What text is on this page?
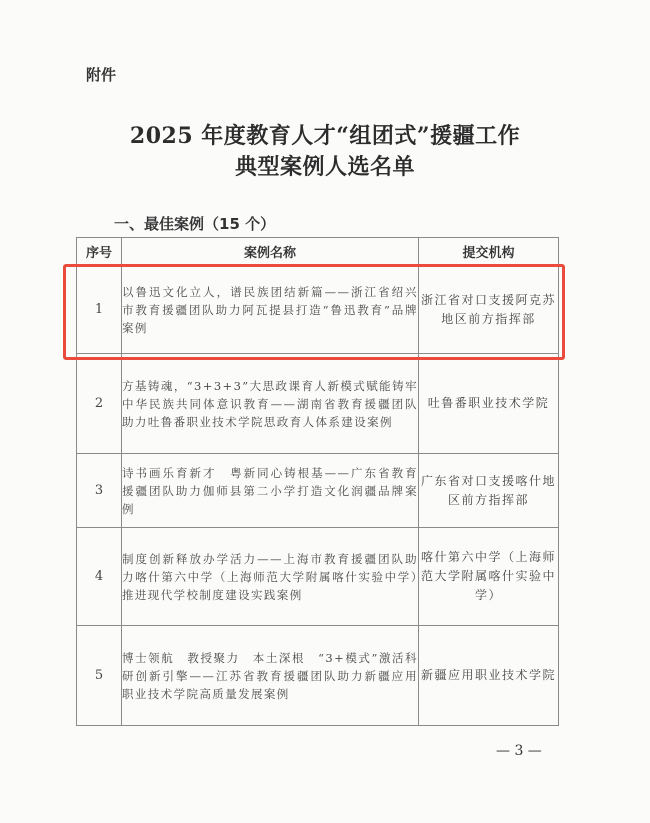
附件
2025 年度教育人才“组团式”援疆工作
典型案例人选名单
一、最佳案例（15 个）
序号	案例名称	提交机构
1	以鲁迅文化立人，谱民族团结新篇——浙江省绍兴市教育援疆团队助力阿瓦提县打造“鲁迅教育”品牌案例	浙江省对口支援阿克苏地区前方指挥部
2	方基铸魂，“3+3+3”大思政课育人新模式赋能铸牢中华民族共同体意识教育——湖南省教育援疆团队助力吐鲁番职业技术学院思政育人体系建设案例	吐鲁番职业技术学院
3	诗书画乐育新才　粤新同心铸根基——广东省教育援疆团队助力伽师县第二小学打造文化润疆品牌案例	广东省对口支援喀什地区前方指挥部
4	制度创新释放办学活力——上海市教育援疆团队助力喀什第六中学（上海师范大学附属喀什实验中学）推进现代学校制度建设实践案例	喀什第六中学（上海师范大学附属喀什实验中学）
5	博士领航　教授聚力　本土深根　“3+模式”激活科研创新引擎——江苏省教育援疆团队助力新疆应用职业技术学院高质量发展案例	新疆应用职业技术学院
— 3 —
